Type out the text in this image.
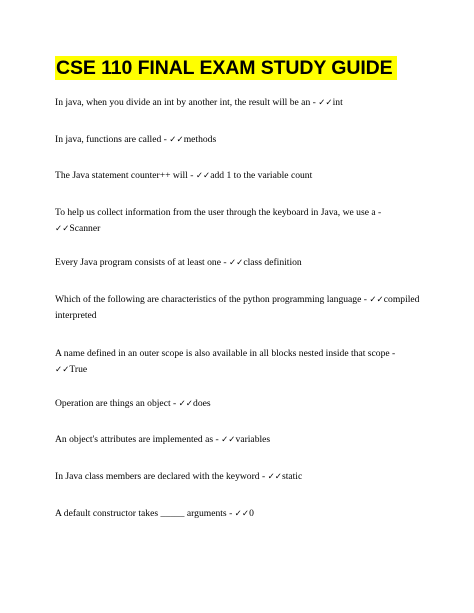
CSE 110 FINAL EXAM STUDY GUIDE
In java, when you divide an int by another int, the result will be an - ✓✓int
In java, functions are called - ✓✓methods
The Java statement counter++ will - ✓✓add 1 to the variable count
To help us collect information from the user through the keyboard in Java, we use a - ✓✓Scanner
Every Java program consists of at least one - ✓✓class definition
Which of the following are characteristics of the python programming language - ✓✓compiled interpreted
A name defined in an outer scope is also available in all blocks nested inside that scope - ✓✓True
Operation are things an object - ✓✓does
An object's attributes are implemented as - ✓✓variables
In Java class members are declared with the keyword - ✓✓static
A default constructor takes _____ arguments - ✓✓0
